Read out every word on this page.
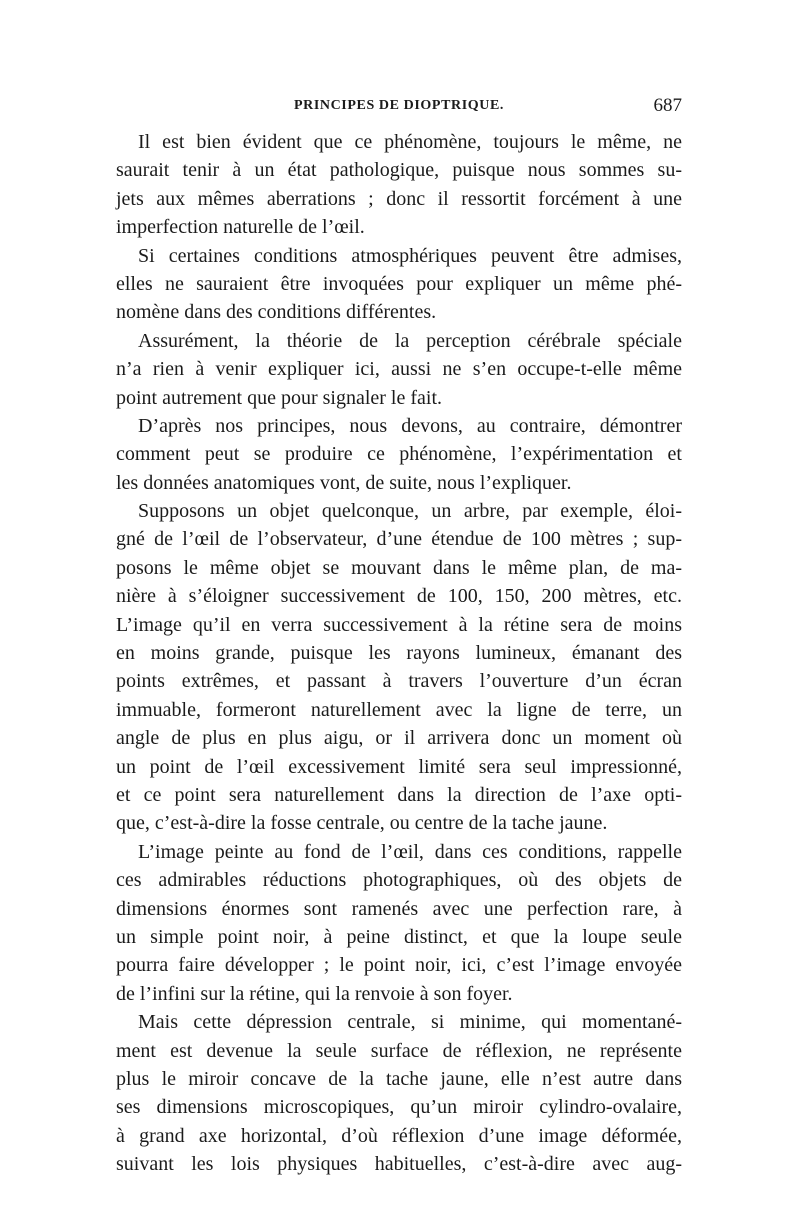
PRINCIPES DE DIOPTRIQUE.	687
Il est bien évident que ce phénomène, toujours le même, ne
saurait tenir à un état pathologique, puisque nous sommes su-
jets aux mêmes aberrations ; donc il ressortit forcément à une
imperfection naturelle de l’œil.
Si certaines conditions atmosphériques peuvent être admises,
elles ne sauraient être invoquées pour expliquer un même phé-
nomène dans des conditions différentes.
Assurément, la théorie de la perception cérébrale spéciale
n’a rien à venir expliquer ici, aussi ne s’en occupe-t-elle même
point autrement que pour signaler le fait.
D’après nos principes, nous devons, au contraire, démontrer
comment peut se produire ce phénomène, l’expérimentation et
les données anatomiques vont, de suite, nous l’expliquer.
Supposons un objet quelconque, un arbre, par exemple, éloi-
gné de l’œil de l’observateur, d’une étendue de 100 mètres ; sup-
posons le même objet se mouvant dans le même plan, de ma-
nière à s’éloigner successivement de 100, 150, 200 mètres, etc.
L’image qu’il en verra successivement à la rétine sera de moins
en moins grande, puisque les rayons lumineux, émanant des
points extrêmes, et passant à travers l’ouverture d’un écran
immuable, formeront naturellement avec la ligne de terre, un
angle de plus en plus aigu, or il arrivera donc un moment où
un point de l’œil excessivement limité sera seul impressionné,
et ce point sera naturellement dans la direction de l’axe opti-
que, c’est-à-dire la fosse centrale, ou centre de la tache jaune.
L’image peinte au fond de l’œil, dans ces conditions, rappelle
ces admirables réductions photographiques, où des objets de
dimensions énormes sont ramenés avec une perfection rare, à
un simple point noir, à peine distinct, et que la loupe seule
pourra faire développer ; le point noir, ici, c’est l’image envoyée
de l’infini sur la rétine, qui la renvoie à son foyer.
Mais cette dépression centrale, si minime, qui momentané-
ment est devenue la seule surface de réflexion, ne représente
plus le miroir concave de la tache jaune, elle n’est autre dans
ses dimensions microscopiques, qu’un miroir cylindro-ovalaire,
à grand axe horizontal, d’où réflexion d’une image déformée,
suivant les lois physiques habituelles, c’est-à-dire avec aug-
